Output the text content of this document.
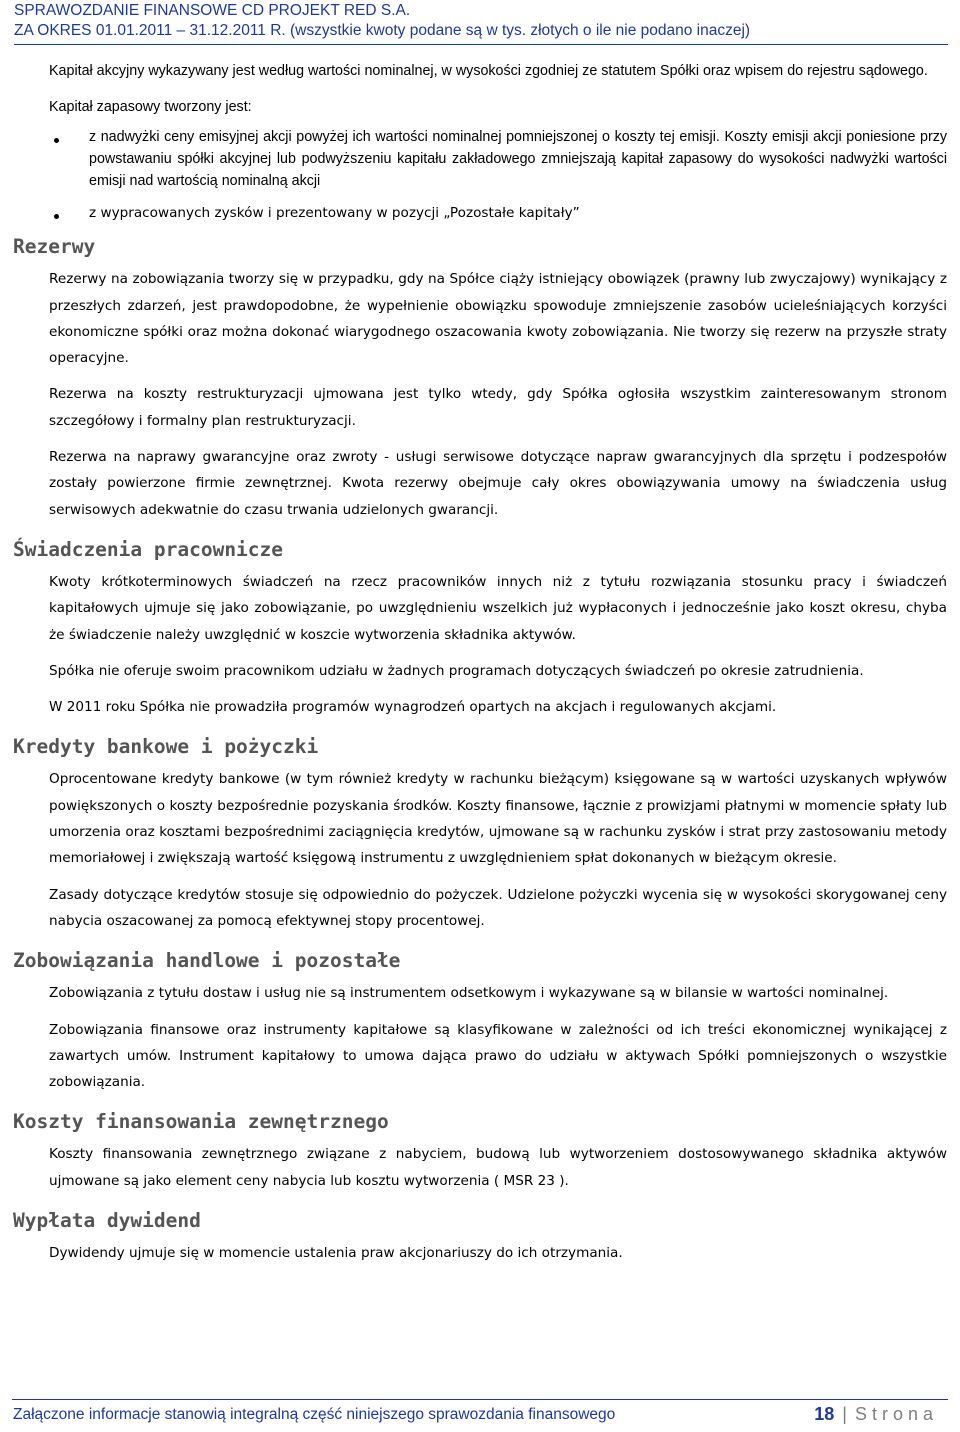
SPRAWOZDANIE FINANSOWE CD PROJEKT RED S.A.
ZA OKRES 01.01.2011 – 31.12.2011 R. (wszystkie kwoty podane są w tys. złotych o ile nie podano inaczej)

Kapitał akcyjny wykazywany jest według wartości nominalnej, w wysokości zgodniej ze statutem Spółki oraz wpisem do rejestru sądowego.

Kapitał zapasowy tworzony jest:

z nadwyżki ceny emisyjnej akcji powyżej ich wartości nominalnej pomniejszonej o koszty tej emisji. Koszty emisji akcji poniesione przy powstawaniu spółki akcyjnej lub podwyższeniu kapitału zakładowego zmniejszają kapitał zapasowy do wysokości nadwyżki wartości emisji nad wartością nominalną akcji
z wypracowanych zysków i prezentowany w pozycji „Pozostałe kapitały”
Rezerwy

Rezerwy na zobowiązania tworzy się w przypadku, gdy na Spółce ciąży istniejący obowiązek (prawny lub zwyczajowy) wynikający z przeszłych zdarzeń, jest prawdopodobne, że wypełnienie obowiązku spowoduje zmniejszenie zasobów ucieleśniających korzyści ekonomiczne spółki oraz można dokonać wiarygodnego oszacowania kwoty zobowiązania. Nie tworzy się rezerw na przyszłe straty operacyjne.

Rezerwa na koszty restrukturyzacji ujmowana jest tylko wtedy, gdy Spółka ogłosiła wszystkim zainteresowanym stronom szczegółowy i formalny plan restrukturyzacji.

Rezerwa na naprawy gwarancyjne oraz zwroty - usługi serwisowe dotyczące napraw gwarancyjnych dla sprzętu i podzespołów zostały powierzone firmie zewnętrznej. Kwota rezerwy obejmuje cały okres obowiązywania umowy na świadczenia usług serwisowych adekwatnie do czasu trwania udzielonych gwarancji.

Świadczenia pracownicze

Kwoty krótkoterminowych świadczeń na rzecz pracowników innych niż z tytułu rozwiązania stosunku pracy i świadczeń kapitałowych ujmuje się jako zobowiązanie, po uwzględnieniu wszelkich już wypłaconych i jednocześnie jako koszt okresu, chyba że świadczenie należy uwzględnić w koszcie wytworzenia składnika aktywów.

Spółka nie oferuje swoim pracownikom udziału w żadnych programach dotyczących świadczeń po okresie zatrudnienia.

W 2011 roku Spółka nie prowadziła programów wynagrodzeń opartych na akcjach i regulowanych akcjami.

Kredyty bankowe i pożyczki

Oprocentowane kredyty bankowe (w tym również kredyty w rachunku bieżącym) księgowane są w wartości uzyskanych wpływów powiększonych o koszty bezpośrednie pozyskania środków. Koszty finansowe, łącznie z prowizjami płatnymi w momencie spłaty lub umorzenia oraz kosztami bezpośrednimi zaciągnięcia kredytów, ujmowane są w rachunku zysków i strat przy zastosowaniu metody memoriałowej i zwiększają wartość księgową instrumentu z uwzględnieniem spłat dokonanych w bieżącym okresie.

Zasady dotyczące kredytów stosuje się odpowiednio do pożyczek. Udzielone pożyczki wycenia się w wysokości skorygowanej ceny nabycia oszacowanej za pomocą efektywnej stopy procentowej.

Zobowiązania handlowe i pozostałe

Zobowiązania z tytułu dostaw i usług nie są instrumentem odsetkowym i wykazywane są w bilansie w wartości nominalnej.

Zobowiązania finansowe oraz instrumenty kapitałowe są klasyfikowane w zależności od ich treści ekonomicznej wynikającej z zawartych umów. Instrument kapitałowy to umowa dająca prawo do udziału w aktywach Spółki pomniejszonych o wszystkie zobowiązania.

Koszty finansowania zewnętrznego

Koszty finansowania zewnętrznego związane z nabyciem, budową lub wytworzeniem dostosowywanego składnika aktywów ujmowane są jako element ceny nabycia lub kosztu wytworzenia ( MSR 23 ).

Wypłata dywidend

Dywidendy ujmuje się w momencie ustalenia praw akcjonariuszy do ich otrzymania.

Załączone informacje stanowią integralną część niniejszego sprawozdania finansowego	18 | Strona
